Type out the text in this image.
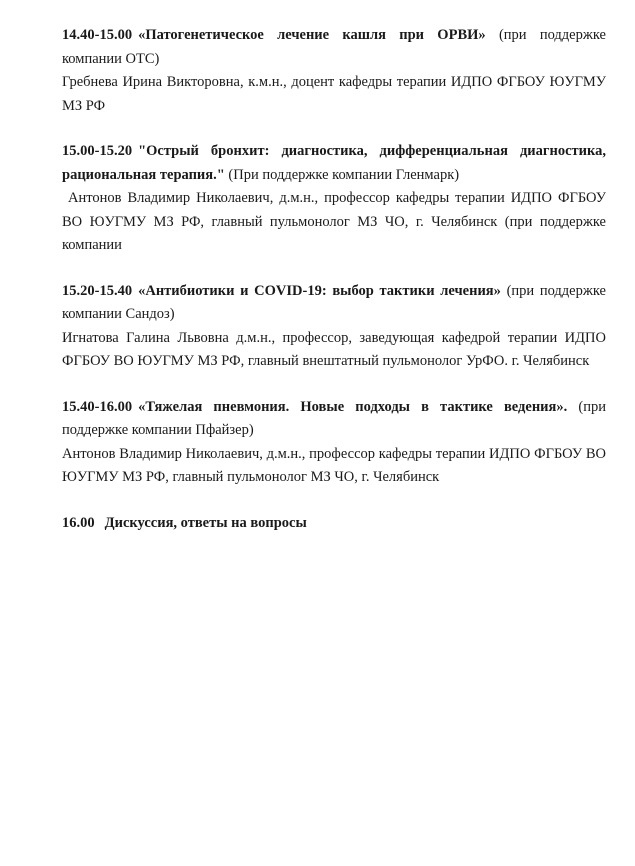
14.40-15.00 «Патогенетическое лечение кашля при ОРВИ» (при поддержке компании ОТС)
Гребнева Ирина Викторовна, к.м.н., доцент кафедры терапии ИДПО ФГБОУ ЮУГМУ МЗ РФ
15.00-15.20 "Острый бронхит: диагностика, дифференциальная диагностика, рациональная терапия." (При поддержке компании Гленмарк)
Антонов Владимир Николаевич, д.м.н., профессор кафедры терапии ИДПО ФГБОУ ВО ЮУГМУ МЗ РФ, главный пульмонолог МЗ ЧО, г. Челябинск (при поддержке компании
15.20-15.40 «Антибиотики и COVID-19: выбор тактики лечения» (при поддержке компании Сандоз)
Игнатова Галина Львовна д.м.н., профессор, заведующая кафедрой терапии ИДПО ФГБОУ ВО ЮУГМУ МЗ РФ, главный внештатный пульмонолог УрФО. г. Челябинск
15.40-16.00 «Тяжелая пневмония. Новые подходы в тактике ведения». (при поддержке компании Пфайзер)
Антонов Владимир Николаевич, д.м.н., профессор кафедры терапии ИДПО ФГБОУ ВО ЮУГМУ МЗ РФ, главный пульмонолог МЗ ЧО, г. Челябинск
16.00 Дискуссия, ответы на вопросы
